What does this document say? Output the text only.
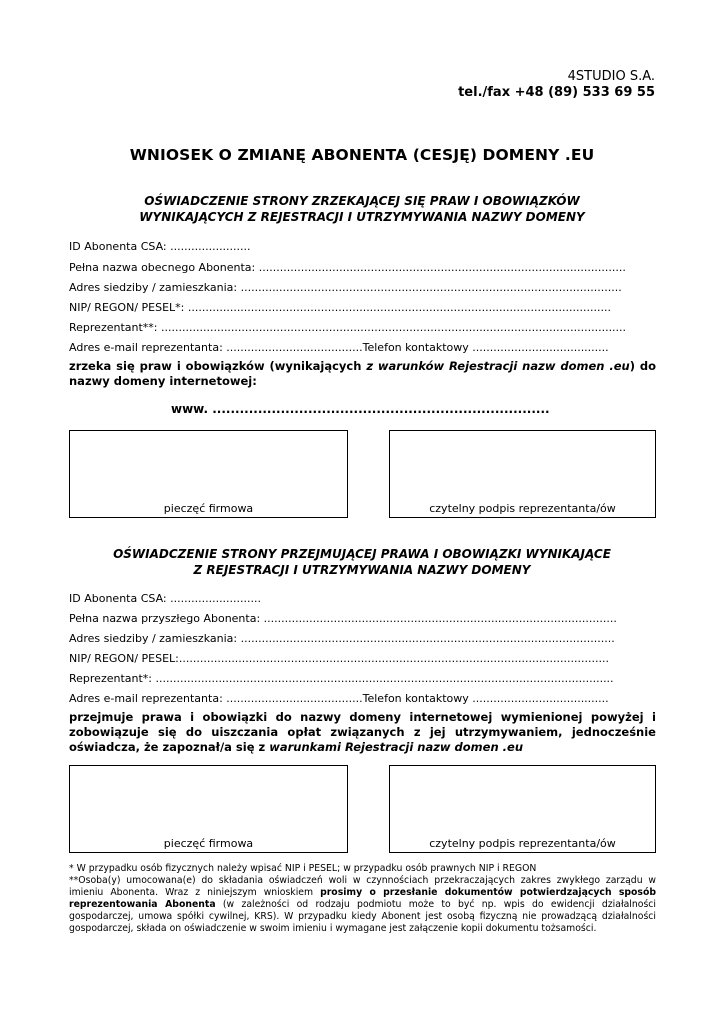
4STUDIO S.A.
tel./fax +48 (89) 533 69 55
WNIOSEK O ZMIANĘ ABONENTA (CESJĘ) DOMENY .EU
OŚWIADCZENIE STRONY ZRZEKAJĄCEJ SIĘ PRAW I OBOWIĄZKÓW
WYNIKAJĄCYCH Z REJESTRACJI I UTRZYMYWANIA NAZWY DOMENY
ID Abonenta CSA: .......................
Pełna nazwa obecnego Abonenta: .........................................................................................................
Adres siedziby / zamieszkania: .............................................................................................................
NIP/ REGON/ PESEL*: .........................................................................................................................
Reprezentant**: .....................................................................................................................................
Adres e-mail reprezentanta: .......................................Telefon kontaktowy .......................................
zrzeka się praw i obowiązków (wynikających z warunków Rejestracji nazw domen .eu) do nazwy domeny internetowej:
www. ..........................................................................
pieczęć firmowa	czytelny podpis reprezentanta/ów
OŚWIADCZENIE STRONY PRZEJMUJĄCEJ PRAWA I OBOWIĄZKI WYNIKAJĄCE
Z REJESTRACJI I UTRZYMYWANIA NAZWY DOMENY
ID Abonenta CSA: ..........................
Pełna nazwa przyszłego Abonenta: .....................................................................................................
Adres siedziby / zamieszkania: ...........................................................................................................
NIP/ REGON/ PESEL:...........................................................................................................................
Reprezentant*: ...................................................................................................................................
Adres e-mail reprezentanta: .......................................Telefon kontaktowy .......................................
przejmuje prawa i obowiązki do nazwy domeny internetowej wymienionej powyżej i zobowiązuje się do uiszczania opłat związanych z jej utrzymywaniem, jednocześnie oświadcza, że zapoznał/a się z warunkami Rejestracji nazw domen .eu
pieczęć firmowa	czytelny podpis reprezentanta/ów
* W przypadku osób fizycznych należy wpisać NIP i PESEL; w przypadku osób prawnych NIP i REGON
**Osoba(y) umocowana(e) do składania oświadczeń woli w czynnościach przekraczających zakres zwykłego zarządu w imieniu Abonenta. Wraz z niniejszym wnioskiem prosimy o przesłanie dokumentów potwierdzających sposób reprezentowania Abonenta (w zależności od rodzaju podmiotu może to być np. wpis do ewidencji działalności gospodarczej, umowa spółki cywilnej, KRS). W przypadku kiedy Abonent jest osobą fizyczną nie prowadzącą działalności gospodarczej, składa on oświadczenie w swoim imieniu i wymagane jest załączenie kopii dokumentu tożsamości.
